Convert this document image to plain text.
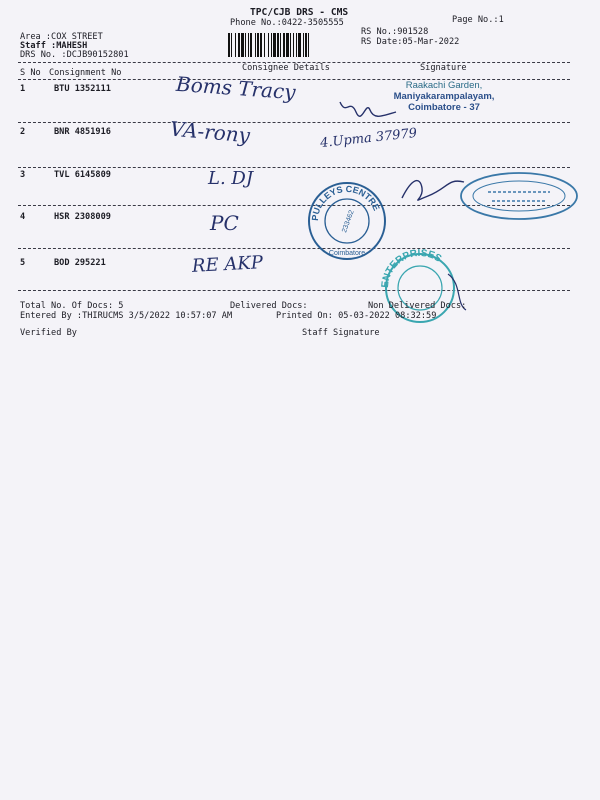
TPC/CJB DRS - CMS
Phone No.:0422-3505555	Page No.:1
RS No.:901528
RS Date:05-Mar-2022
Area :COX STREET
Staff :MAHESH
DRS No. :DCJB90152801
S No Consignment No	Consignee Details	Signature
Raakachi Garden,
Maniyakarampalayam,
Coimbatore - 37
1	BTU 1352111	Boms Tracy
2	BNR 4851916	VA-rony	4.Upma 37979
3	TVL 6145809	L. DJ
4	HSR 2308009	PC
5	BOD 295221	RE AKP
PULLEYS CENTRE
233462
Coimbatore
ENTERPRISES
Total No. Of Docs: 5	Delivered Docs:	Non Delivered Docs:
Entered By :THIRUCMS 3/5/2022 10:57:07 AM	Printed On: 05-03-2022 08:32:59
Verified By	Staff Signature
